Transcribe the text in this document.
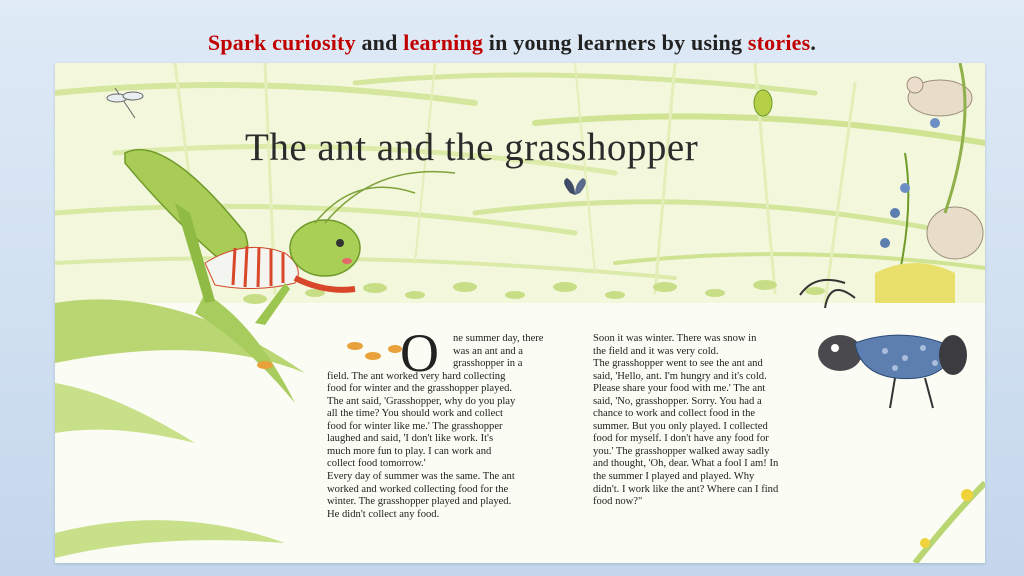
Spark curiosity and learning in young learners by using stories.
The ant and the grasshopper
O	ne summer day, there

was an ant and a

grasshopper in a

field. The ant worked very hard collecting

food for winter and the grasshopper played.

The ant said, 'Grasshopper, why do you play

all the time? You should work and collect

food for winter like me.' The grasshopper

laughed and said, 'I don't like work. It's

much more fun to play. I can work and

collect food tomorrow.'

Every day of summer was the same. The ant

worked and worked collecting food for the

winter. The grasshopper played and played.

He didn't collect any food.

Soon it was winter. There was snow in

the field and it was very cold.

The grasshopper went to see the ant and

said, 'Hello, ant. I'm hungry and it's cold.

Please share your food with me.' The ant

said, 'No, grasshopper. Sorry. You had a

chance to work and collect food in the

summer. But you only played. I collected

food for myself. I don't have any food for

you.' The grasshopper walked away sadly

and thought, 'Oh, dear. What a fool I am! In

the summer I played and played. Why

didn't. I work like the ant? Where can I find

food now?"
